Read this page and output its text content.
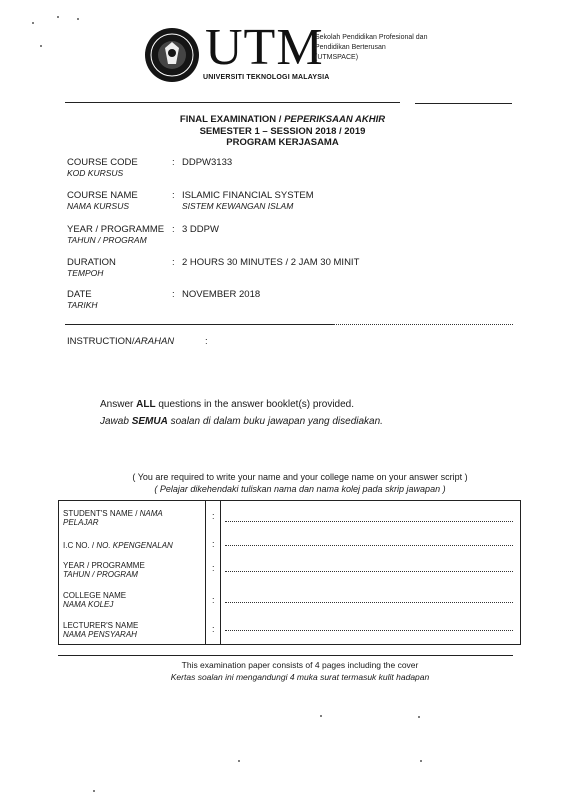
UTM
UNIVERSITI TEKNOLOGI MALAYSIA
Sekolah Pendidikan Profesional dan
Pendidikan Berterusan
(UTMSPACE)
FINAL EXAMINATION / PEPERIKSAAN AKHIR
SEMESTER 1 – SESSION 2018 / 2019
PROGRAM KERJASAMA
COURSE CODE
KOD KURSUS
: DDPW3133
COURSE NAME
NAMA KURSUS
: ISLAMIC FINANCIAL SYSTEM
SISTEM KEWANGAN ISLAM
YEAR / PROGRAMME
TAHUN / PROGRAM
: 3 DDPW
DURATION
TEMPOH
: 2 HOURS 30 MINUTES / 2 JAM 30 MINIT
DATE
TARIKH
: NOVEMBER 2018
INSTRUCTION/ARAHAN	:
Answer ALL questions in the answer booklet(s) provided.
Jawab SEMUA soalan di dalam buku jawapan yang disediakan.
( You are required to write your name and your college name on your answer script )
( Pelajar dikehendaki tuliskan nama dan nama kolej pada skrip jawapan )
STUDENT'S NAME / NAMA
PELAJAR
:
I.C NO. / NO. KPENGENALAN	:
YEAR / PROGRAMME
TAHUN / PROGRAM
:
COLLEGE NAME
NAMA KOLEJ	:
LECTURER'S NAME
NAMA PENSYARAH
:
This examination paper consists of 4 pages including the cover
Kertas soalan ini mengandungi 4 muka surat termasuk kulit hadapan
